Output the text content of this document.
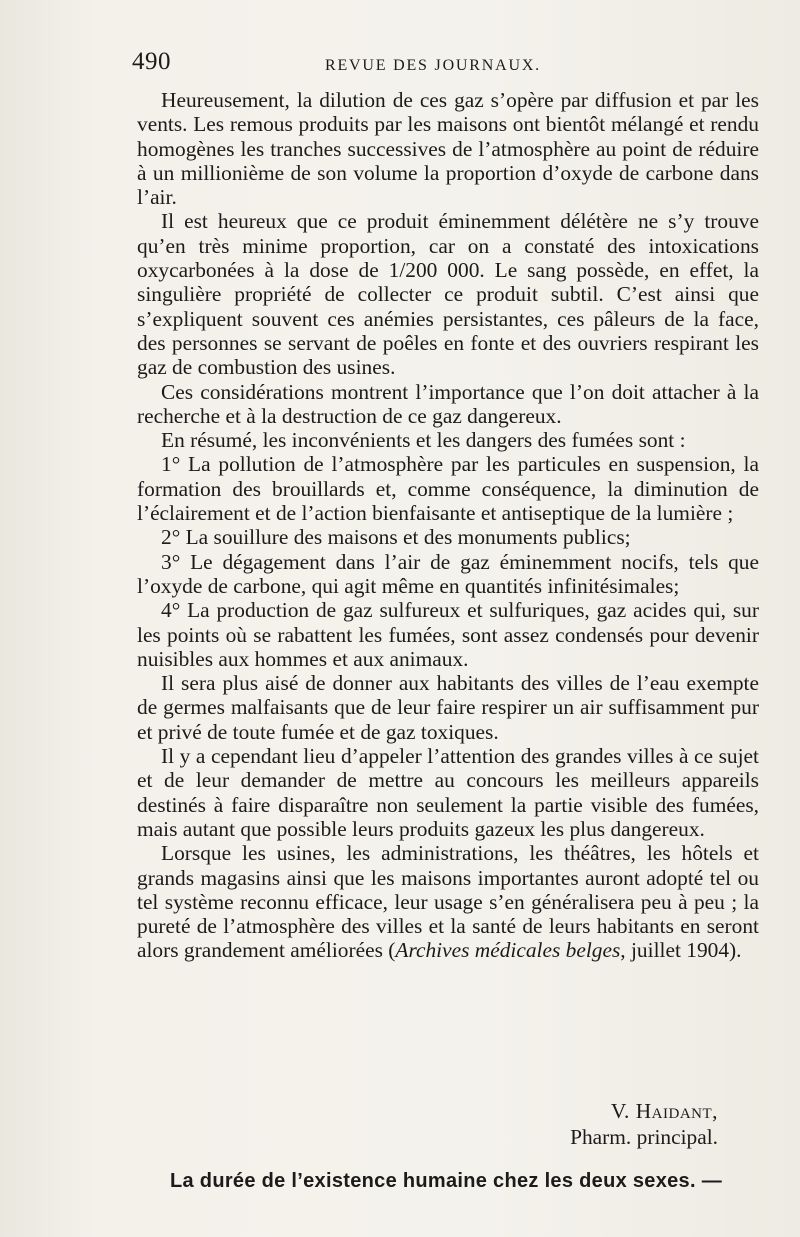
490	REVUE DES JOURNAUX.

Heureusement, la dilution de ces gaz s’opère par diffusion et par les vents. Les remous produits par les maisons ont bientôt mélangé et rendu homogènes les tranches successives de l’atmosphère au point de réduire à un millionième de son volume la proportion d’oxyde de carbone dans l’air.

Il est heureux que ce produit éminemment délétère ne s’y trouve qu’en très minime proportion, car on a constaté des intoxications oxycarbonées à la dose de 1/200 000. Le sang possède, en effet, la singulière propriété de collecter ce produit subtil. C’est ainsi que s’expliquent souvent ces anémies persistantes, ces pâleurs de la face, des personnes se servant de poêles en fonte et des ouvriers respirant les gaz de combustion des usines.

Ces considérations montrent l’importance que l’on doit attacher à la recherche et à la destruction de ce gaz dangereux.

En résumé, les inconvénients et les dangers des fumées sont :

1° La pollution de l’atmosphère par les particules en suspension, la formation des brouillards et, comme conséquence, la diminution de l’éclairement et de l’action bienfaisante et antiseptique de la lumière ;

2° La souillure des maisons et des monuments publics;

3° Le dégagement dans l’air de gaz éminemment nocifs, tels que l’oxyde de carbone, qui agit même en quantités infinitésimales;

4° La production de gaz sulfureux et sulfuriques, gaz acides qui, sur les points où se rabattent les fumées, sont assez condensés pour devenir nuisibles aux hommes et aux animaux.

Il sera plus aisé de donner aux habitants des villes de l’eau exempte de germes malfaisants que de leur faire respirer un air suffisamment pur et privé de toute fumée et de gaz toxiques.

Il y a cependant lieu d’appeler l’attention des grandes villes à ce sujet et de leur demander de mettre au concours les meilleurs appareils destinés à faire disparaître non seulement la partie visible des fumées, mais autant que possible leurs produits gazeux les plus dangereux.

Lorsque les usines, les administrations, les théâtres, les hôtels et grands magasins ainsi que les maisons importantes auront adopté tel ou tel système reconnu efficace, leur usage s’en généralisera peu à peu ; la pureté de l’atmosphère des villes et la santé de leurs habitants en seront alors grandement améliorées (Archives médicales belges, juillet 1904).

V. Haidant,
Pharm. principal.
La durée de l’existence humaine chez les deux sexes. —
